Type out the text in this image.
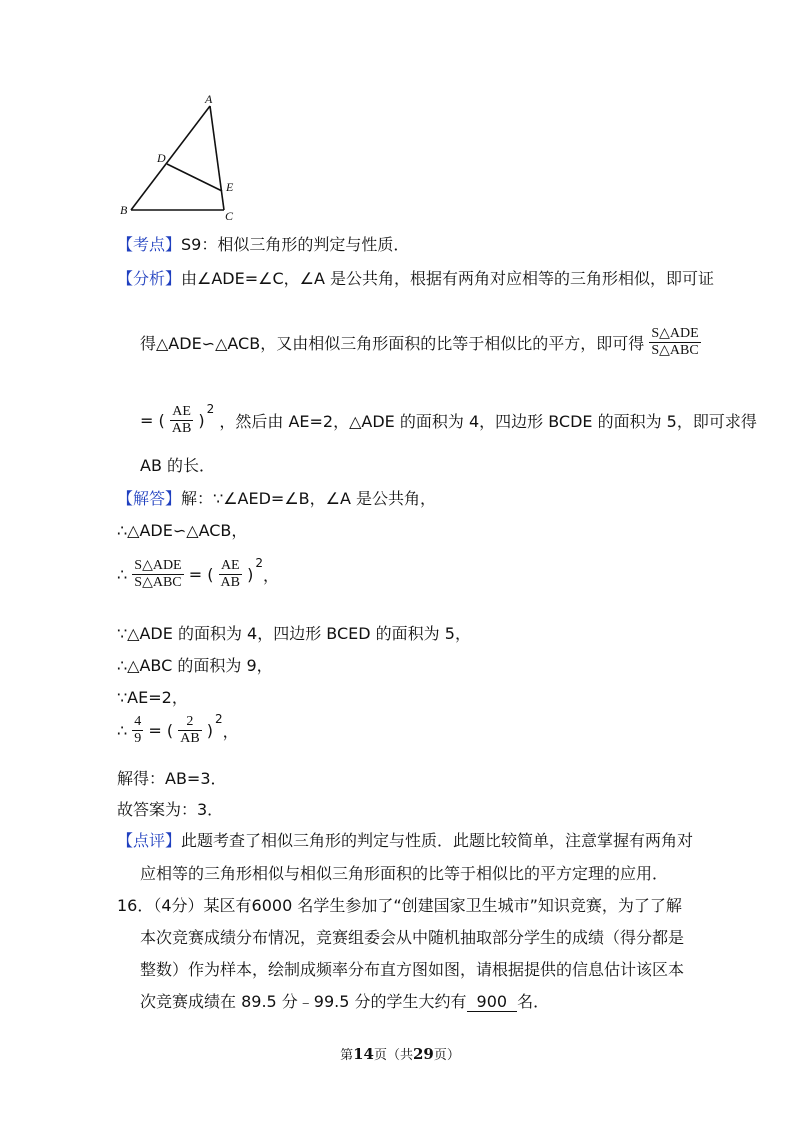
A
D
E
B	C
【考点】S9：相似三角形的判定与性质．
【分析】由∠ADE=∠C，∠A 是公共角，根据有两角对应相等的三角形相似，即可证
得△ADE∽△ACB，又由相似三角形面积的比等于相似比的平方，即可得 $\frac{\text{S△ADE}}{\text{S△ABC}}$
= ( $\frac{AE}{AB} )^2$ ，然后由 AE=2，△ADE 的面积为 4，四边形 BCDE 的面积为 5，即可求得
AB 的长．
【解答】解：∵∠AED=∠B，∠A 是公共角，
∴△ADE∽△ACB，
∴ $\frac{\text{S△ADE}}{\text{S△ABC}}$ = ( $\frac{AE}{AB} )^2$，
∵△ADE 的面积为 4，四边形 BCED 的面积为 5，
∴△ABC 的面积为 9，
∵AE=2，
∴ $\frac{4}{9}$ = ( $\frac{2}{AB} )^2$，
解得：AB=3．
故答案为：3．
【点评】此题考查了相似三角形的判定与性质．此题比较简单，注意掌握有两角对
应相等的三角形相似与相似三角形面积的比等于相似比的平方定理的应用．
16．（4分）某区有6000 名学生参加了“创建国家卫生城市”知识竞赛，为了了解
本次竞赛成绩分布情况，竞赛组委会从中随机抽取部分学生的成绩（得分都是
整数）作为样本，绘制成频率分布直方图如图，请根据提供的信息估计该区本
次竞赛成绩在 89.5 分﹣99.5 分的学生大约有 900 名．
第14页（共29页）
